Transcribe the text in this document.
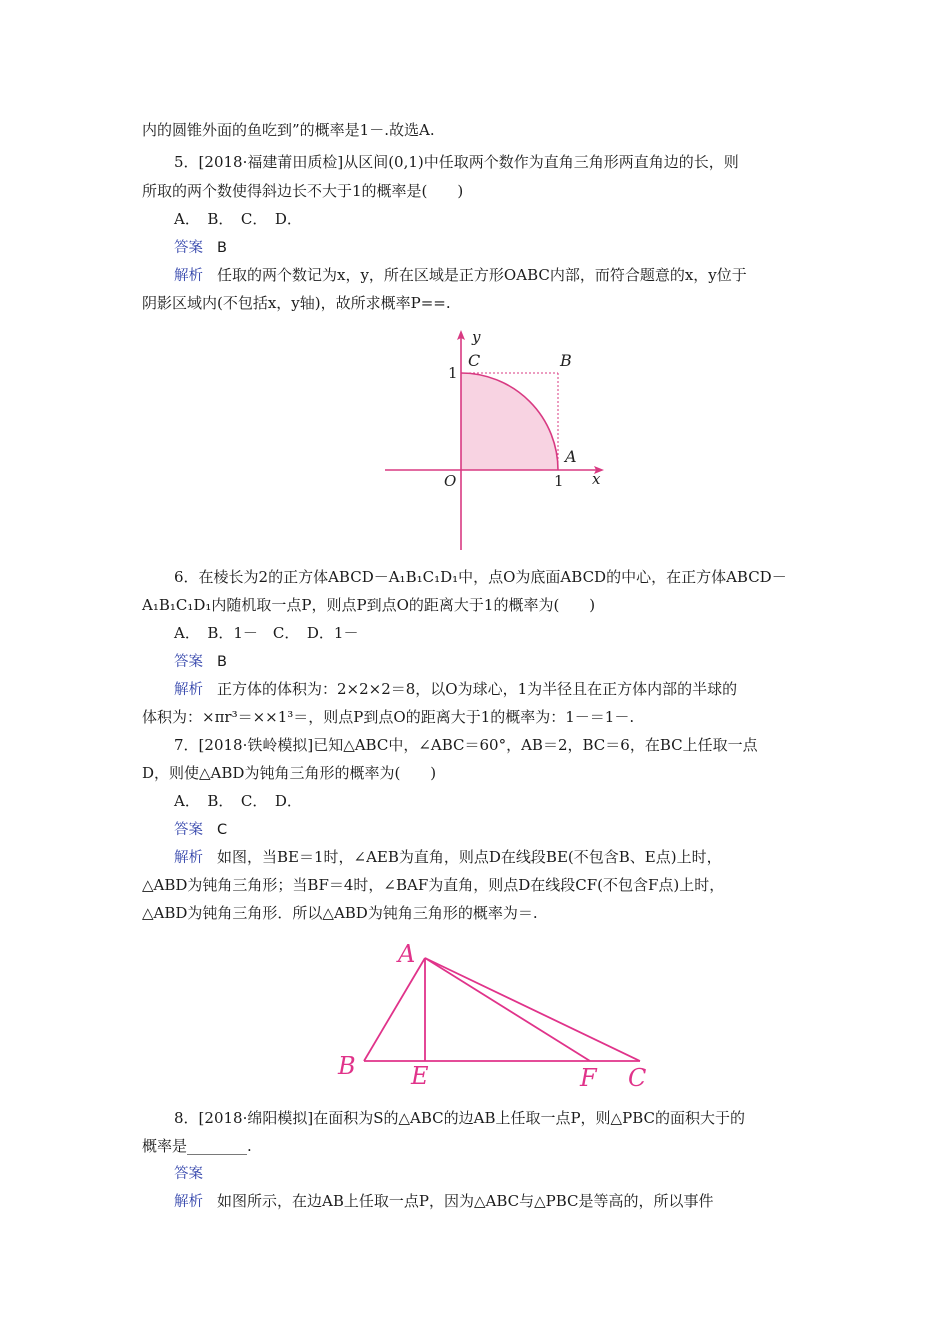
内的圆锥外面的鱼吃到”的概率是1－.故选A.
5．[2018·福建莆田质检]从区间(0,1)中任取两个数作为直角三角形两直角边的长，则
所取的两个数使得斜边长不大于1的概率是(　　)
A．　B．　C．　D．
答案 B
解析 任取的两个数记为x，y，所在区域是正方形OABC内部，而符合题意的x，y位于
阴影区域内(不包括x，y轴)，故所求概率P==.
y
C	B
1
A
O	1 x
6．在棱长为2的正方体ABCD－A₁B₁C₁D₁中，点O为底面ABCD的中心，在正方体ABCD－
A₁B₁C₁D₁内随机取一点P，则点P到点O的距离大于1的概率为(　　)
A．　B．1－　C．　D．1－
答案 B
解析 正方体的体积为：2×2×2＝8，以O为球心，1为半径且在正方体内部的半球的
体积为：×πr³＝××1³＝，则点P到点O的距离大于1的概率为：1－＝1－.
7．[2018·铁岭模拟]已知△ABC中，∠ABC＝60°，AB＝2，BC＝6，在BC上任取一点
D，则使△ABD为钝角三角形的概率为(　　)
A．　B．　C．　D．
答案 C
解析 如图，当BE＝1时，∠AEB为直角，则点D在线段BE(不包含B、E点)上时，
△ABD为钝角三角形；当BF＝4时，∠BAF为直角，则点D在线段CF(不包含F点)上时，
△ABD为钝角三角形．所以△ABD为钝角三角形的概率为＝.
A
B E	F C
8．[2018·绵阳模拟]在面积为S的△ABC的边AB上任取一点P，则△PBC的面积大于的
概率是________.
答案
解析 如图所示，在边AB上任取一点P，因为△ABC与△PBC是等高的，所以事件
